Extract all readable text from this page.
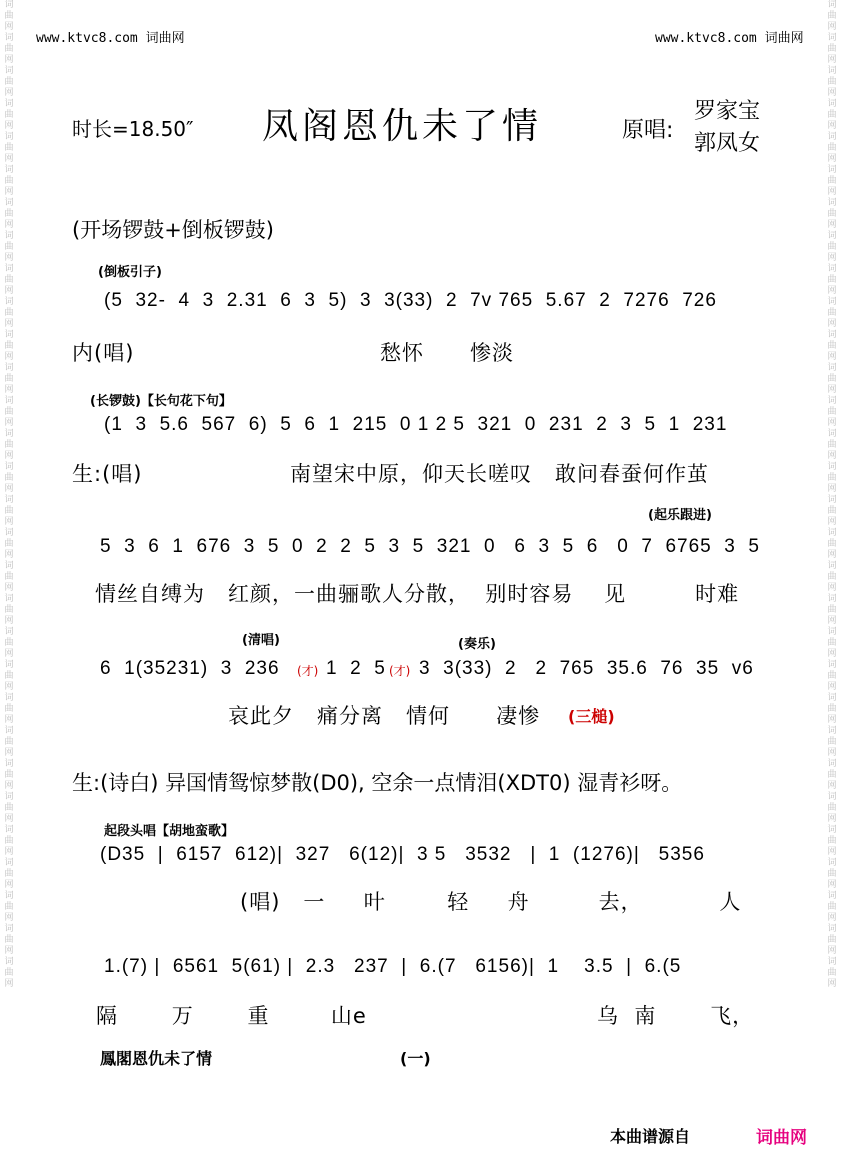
词曲网词曲网词曲网词曲网词曲网词曲网词曲网词曲网词曲网词曲网词曲网词曲网词曲网词曲网词曲网词曲网词曲网词曲网词曲网词曲网词曲网词曲网词曲网词曲网词曲网词曲网词曲网词曲网词曲网词曲网
词曲网词曲网词曲网词曲网词曲网词曲网词曲网词曲网词曲网词曲网词曲网词曲网词曲网词曲网词曲网词曲网词曲网词曲网词曲网词曲网词曲网词曲网词曲网词曲网词曲网词曲网词曲网词曲网词曲网词曲网
www.ktvc8.com 词曲网	www.ktvc8.com 词曲网
时长=18.50″ 凤阁恩仇未了情	原唱:
罗家宝
郭凤女
(开场锣鼓+倒板锣鼓)
(倒板引子)
(5  32-  4  3  2.31  6  3  5)  3  3(33)  2  7v 765  5.67  2  7276  726
内(唱)	愁怀      惨淡
(长锣鼓)【长句花下句】
(1  3  5.6  567  6)  5  6  1  215  0 1 2 5  321  0  231  2  3  5  1  231
生:(唱)	南望宋中原，仰天长嗟叹   敢问春蚕何作茧
(起乐跟进)
5  3  6  1  676  3  5  0  2  2  5  3  5  321  0   6  3  5  6   0  7  6765  3  5
情丝自缚为   红颜，一曲骊歌人分散，  别时容易    见         时难
(清唱)	(奏乐)
6  1(35231)  3  236 (才) 1  2  5 (才) 3  3(33)  2   2  765  35.6  76  35  v6
哀此夕   痛分离   情何      凄惨 (三槌)
生:(诗白) 异国情鸳惊梦散(D0), 空余一点情泪(XDT0) 湿青衫呀。
起段头唱【胡地蛮歌】
(D35  |  6157  612)|  327   6(12)|  3 5   3532   |  1  (1276)|   5356
(唱)   一     叶        轻     舟         去，          人
1.(7) |  6561  5(61) |  2.3   237  |  6.(7   6156)|  1    3.5  |  6.(5
隔       万       重        山e                              乌  南       飞，
鳳閣恩仇未了情	(一)
本曲谱源自	词曲网
